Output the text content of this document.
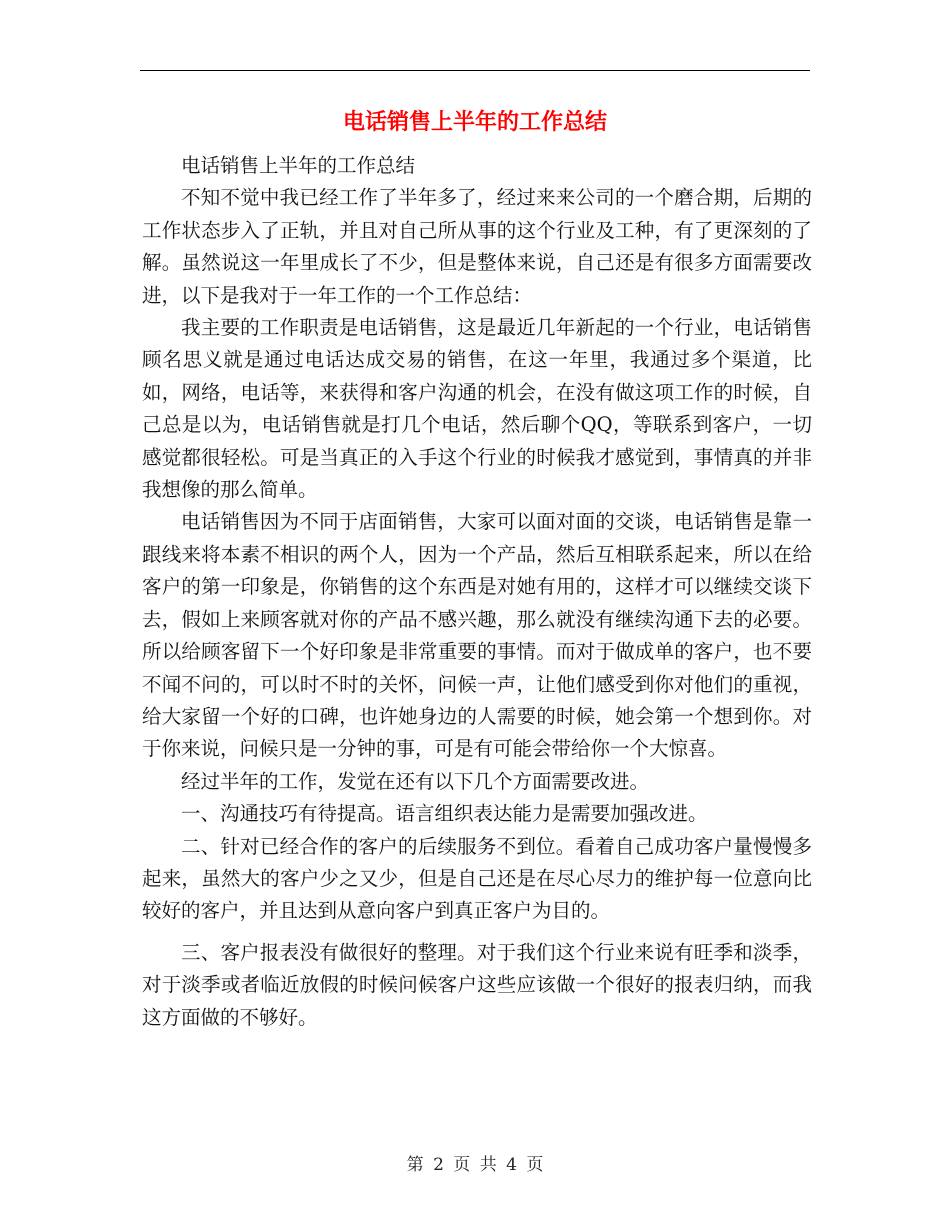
电话销售上半年的工作总结

电话销售上半年的工作总结

不知不觉中我已经工作了半年多了，经过来来公司的一个磨合期，后期的工作状态步入了正轨，并且对自己所从事的这个行业及工种，有了更深刻的了解。虽然说这一年里成长了不少，但是整体来说，自己还是有很多方面需要改进，以下是我对于一年工作的一个工作总结：

我主要的工作职责是电话销售，这是最近几年新起的一个行业，电话销售顾名思义就是通过电话达成交易的销售，在这一年里，我通过多个渠道，比如，网络，电话等，来获得和客户沟通的机会，在没有做这项工作的时候，自己总是以为，电话销售就是打几个电话，然后聊个QQ，等联系到客户，一切感觉都很轻松。可是当真正的入手这个行业的时候我才感觉到，事情真的并非我想像的那么简单。

电话销售因为不同于店面销售，大家可以面对面的交谈，电话销售是靠一跟线来将本素不相识的两个人，因为一个产品，然后互相联系起来，所以在给客户的第一印象是，你销售的这个东西是对她有用的，这样才可以继续交谈下去，假如上来顾客就对你的产品不感兴趣，那么就没有继续沟通下去的必要。所以给顾客留下一个好印象是非常重要的事情。而对于做成单的客户，也不要不闻不问的，可以时不时的关怀，问候一声，让他们感受到你对他们的重视，给大家留一个好的口碑，也许她身边的人需要的时候，她会第一个想到你。对于你来说，问候只是一分钟的事，可是有可能会带给你一个大惊喜。

经过半年的工作，发觉在还有以下几个方面需要改进。

一、沟通技巧有待提高。语言组织表达能力是需要加强改进。

二、针对已经合作的客户的后续服务不到位。看着自己成功客户量慢慢多起来，虽然大的客户少之又少，但是自己还是在尽心尽力的维护每一位意向比较好的客户，并且达到从意向客户到真正客户为目的。

三、客户报表没有做很好的整理。对于我们这个行业来说有旺季和淡季，对于淡季或者临近放假的时候问候客户这些应该做一个很好的报表归纳，而我这方面做的不够好。

第 2 页 共 4 页
